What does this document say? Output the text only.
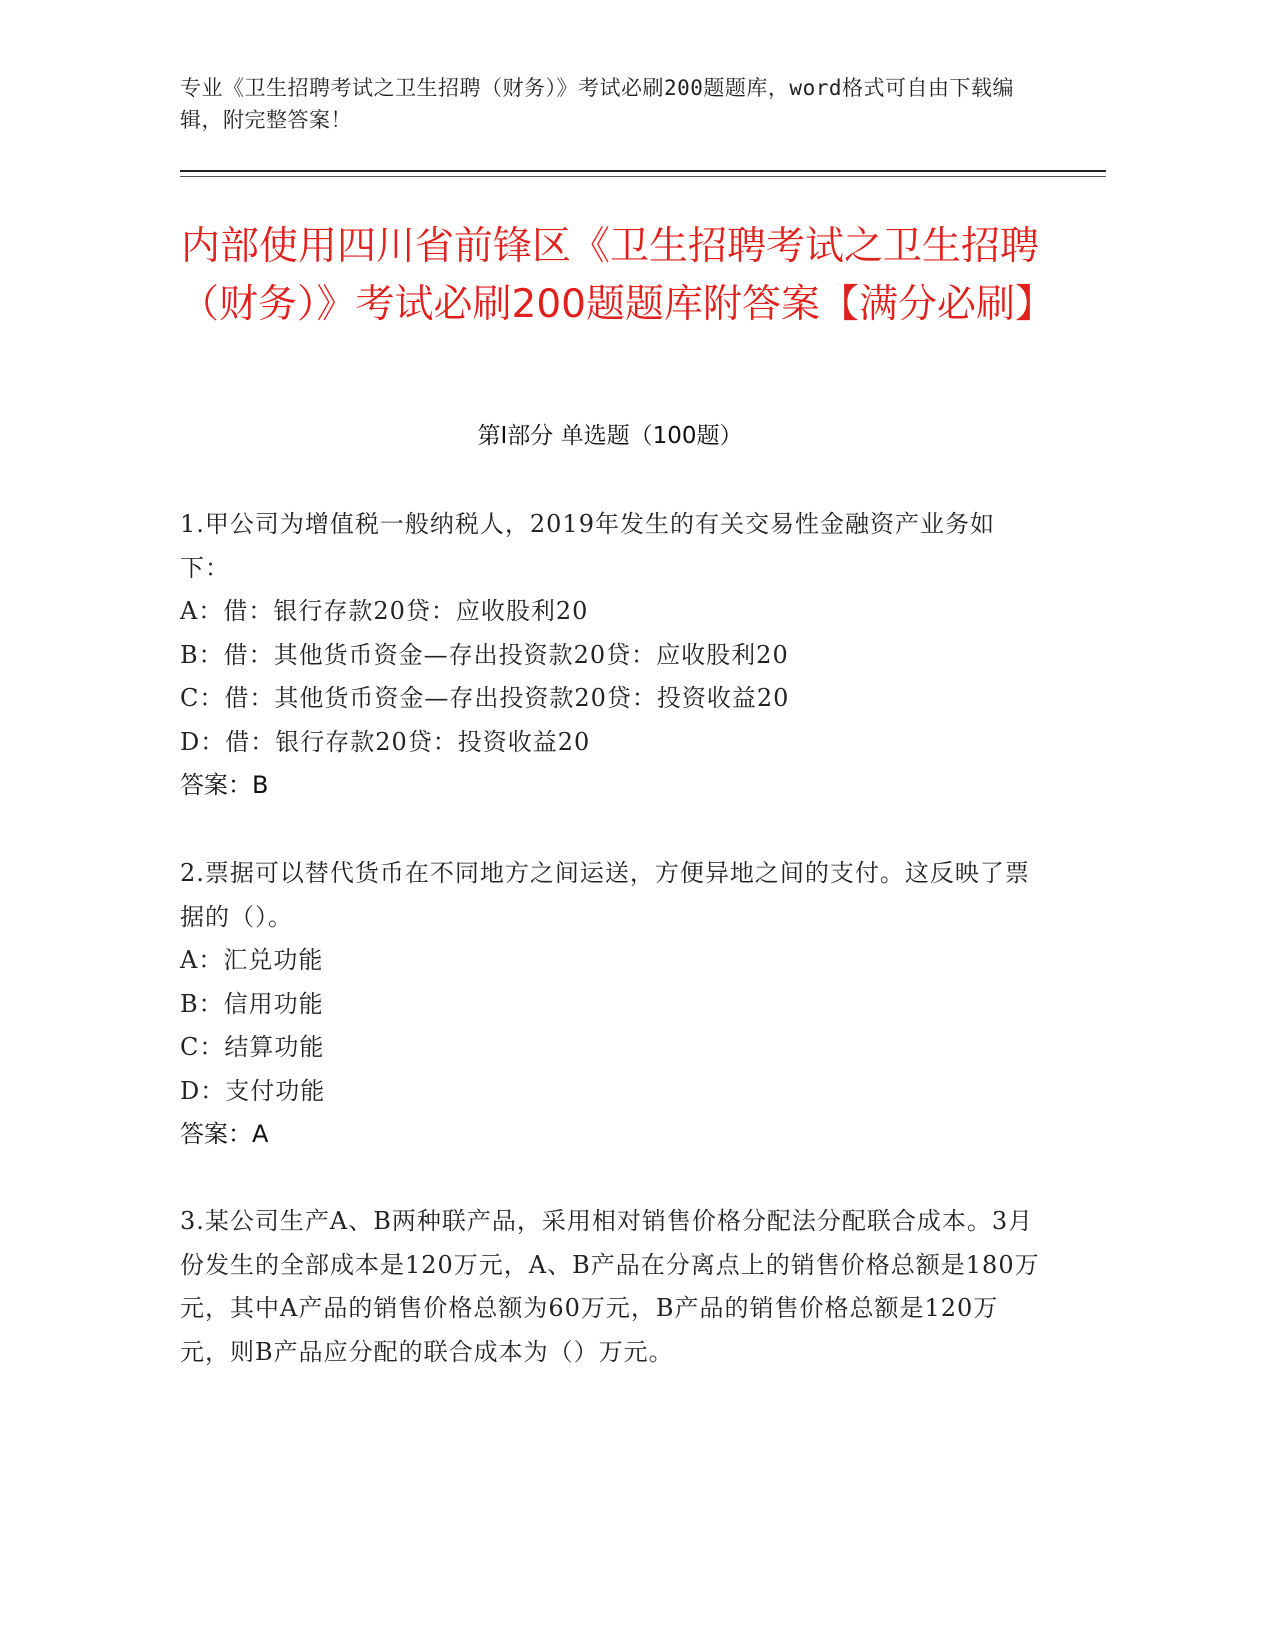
专业《卫生招聘考试之卫生招聘（财务）》考试必刷200题题库，word格式可自由下载编辑，附完整答案！
内部使用四川省前锋区《卫生招聘考试之卫生招聘（财务）》考试必刷200题题库附答案【满分必刷】
第I部分 单选题（100题）

1.甲公司为增值税一般纳税人，2019年发生的有关交易性金融资产业务如下：

A：借：银行存款20贷：应收股利20

B：借：其他货币资金—存出投资款20贷：应收股利20

C：借：其他货币资金—存出投资款20贷：投资收益20

D：借：银行存款20贷：投资收益20

答案：B

2.票据可以替代货币在不同地方之间运送，方便异地之间的支付。这反映了票据的（）。

A：汇兑功能

B：信用功能

C：结算功能

D：支付功能

答案：A

3.某公司生产A、B两种联产品，采用相对销售价格分配法分配联合成本。3月份发生的全部成本是120万元，A、B产品在分离点上的销售价格总额是180万元，其中A产品的销售价格总额为60万元，B产品的销售价格总额是120万元，则B产品应分配的联合成本为（）万元。
